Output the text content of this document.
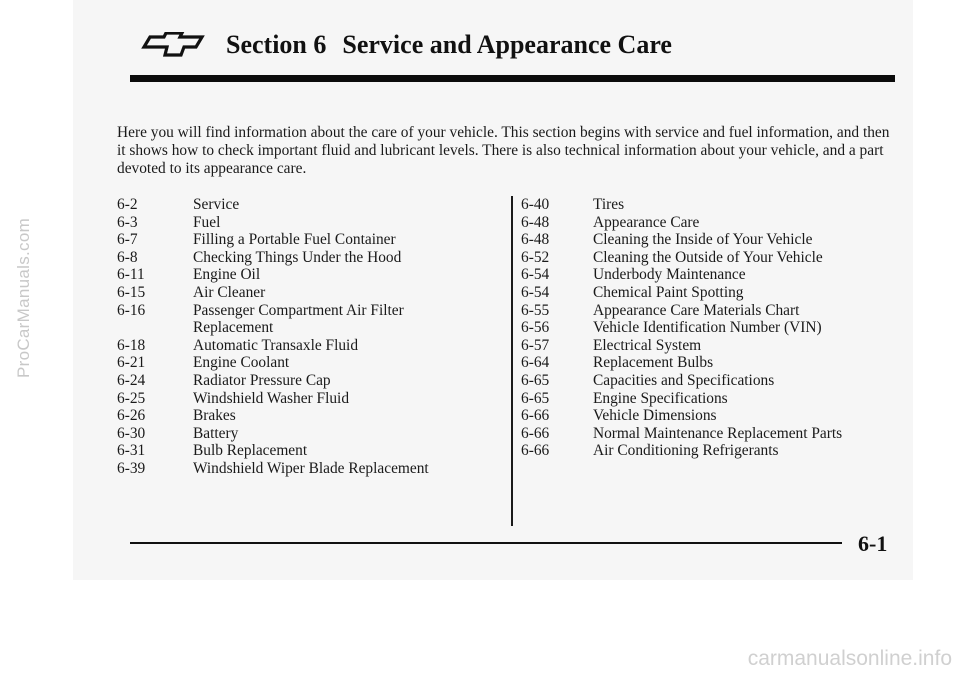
ProCarManuals.com
Section 6 Service and Appearance Care

Here you will find information about the care of your vehicle. This section begins with service and fuel information, and then it shows how to check important fluid and lubricant levels. There is also technical information about your vehicle, and a part devoted to its appearance care.

6-2	Service
6-3	Fuel
6-7	Filling a Portable Fuel Container
6-8	Checking Things Under the Hood
6-11	Engine Oil
6-15	Air Cleaner
6-16	Passenger Compartment Air Filter
Replacement
6-18	Automatic Transaxle Fluid
6-21	Engine Coolant
6-24	Radiator Pressure Cap
6-25	Windshield Washer Fluid
6-26	Brakes
6-30	Battery
6-31	Bulb Replacement
6-39	Windshield Wiper Blade Replacement
6-40	Tires
6-48	Appearance Care
6-48	Cleaning the Inside of Your Vehicle
6-52	Cleaning the Outside of Your Vehicle
6-54	Underbody Maintenance
6-54	Chemical Paint Spotting
6-55	Appearance Care Materials Chart
6-56	Vehicle Identification Number (VIN)
6-57	Electrical System
6-64	Replacement Bulbs
6-65	Capacities and Specifications
6-65	Engine Specifications
6-66	Vehicle Dimensions
6-66	Normal Maintenance Replacement Parts
6-66	Air Conditioning Refrigerants
6-1
carmanualsonline.info
